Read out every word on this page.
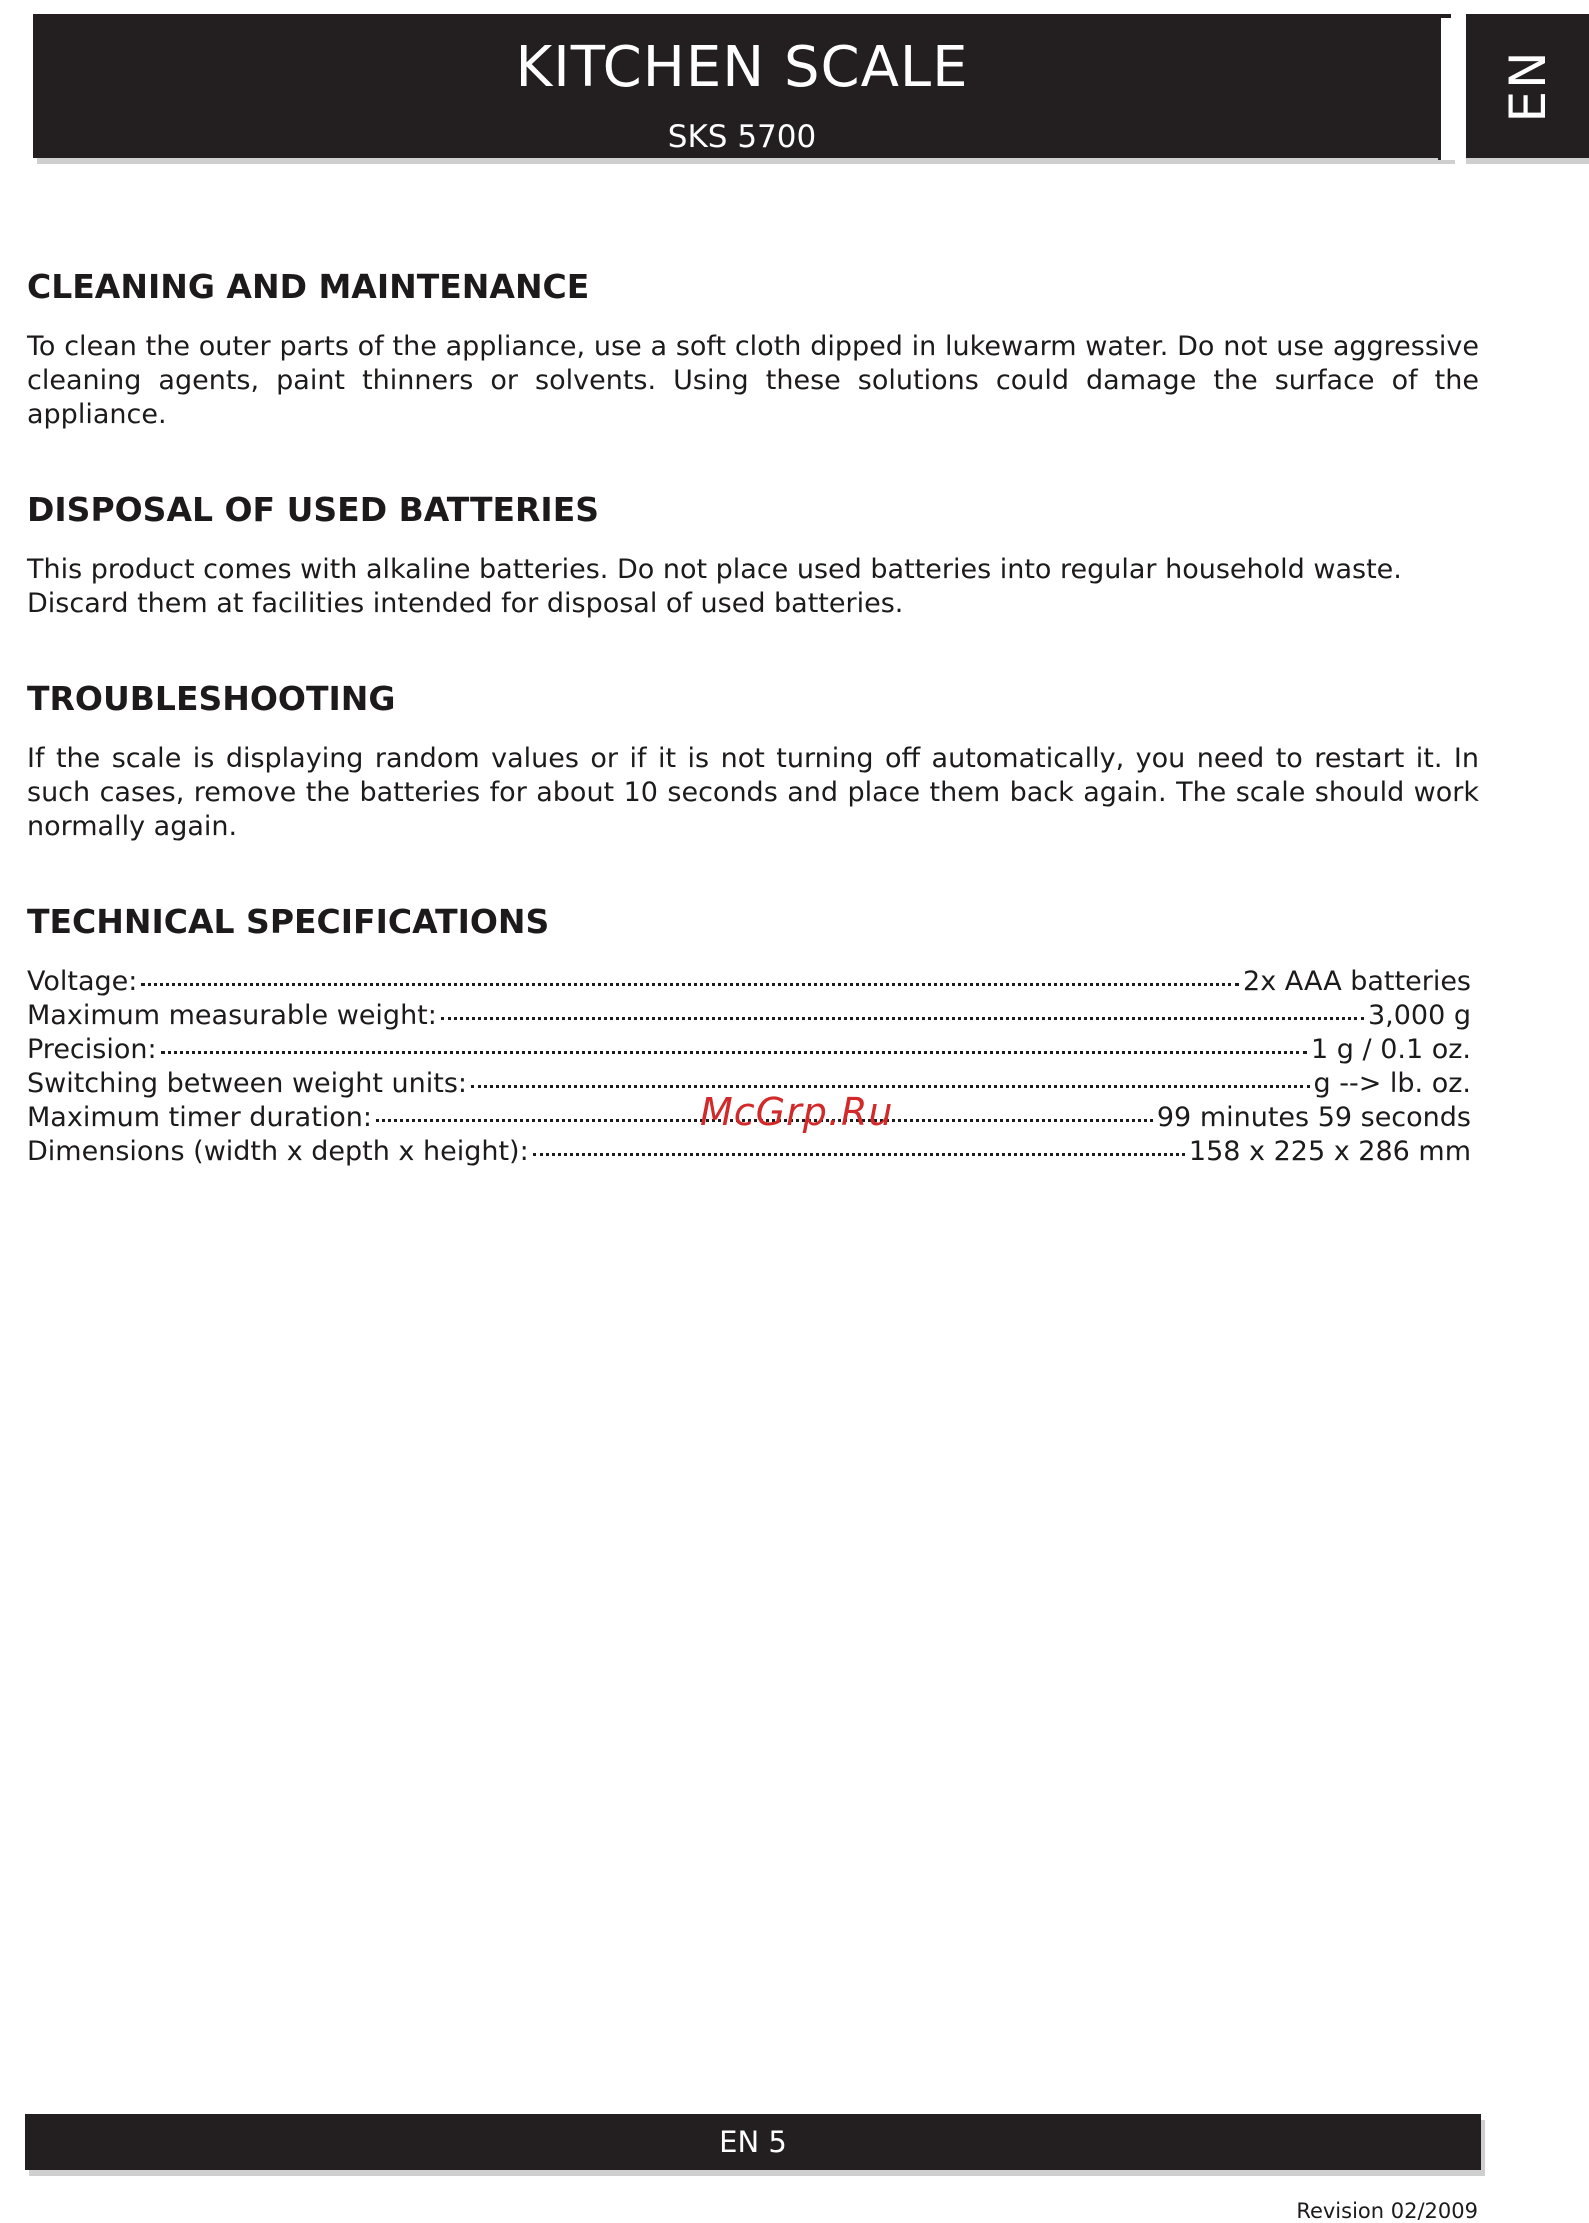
KITCHEN SCALE
SKS 5700
EN
CLEANING AND MAINTENANCE

To clean the outer parts of the appliance, use a soft cloth dipped in lukewarm water. Do not use aggressive cleaning agents, paint thinners or solvents. Using these solutions could damage the surface of the appliance.

DISPOSAL OF USED BATTERIES

This product comes with alkaline batteries. Do not place used batteries into regular household waste.
Discard them at facilities intended for disposal of used batteries.

TROUBLESHOOTING

If the scale is displaying random values or if it is not turning off automatically, you need to restart it. In such cases, remove the batteries for about 10 seconds and place them back again. The scale should work normally again.

TECHNICAL SPECIFICATIONS
Voltage:	2x AAA batteries
Maximum measurable weight:	3,000 g
Precision:	1 g / 0.1 oz.
Switching between weight units:	g --> lb. oz.
Maximum timer duration:	99 minutes 59 seconds
Dimensions (width x depth x height):	158 x 225 x 286 mm
McGrp.Ru
EN 5
Revision 02/2009
